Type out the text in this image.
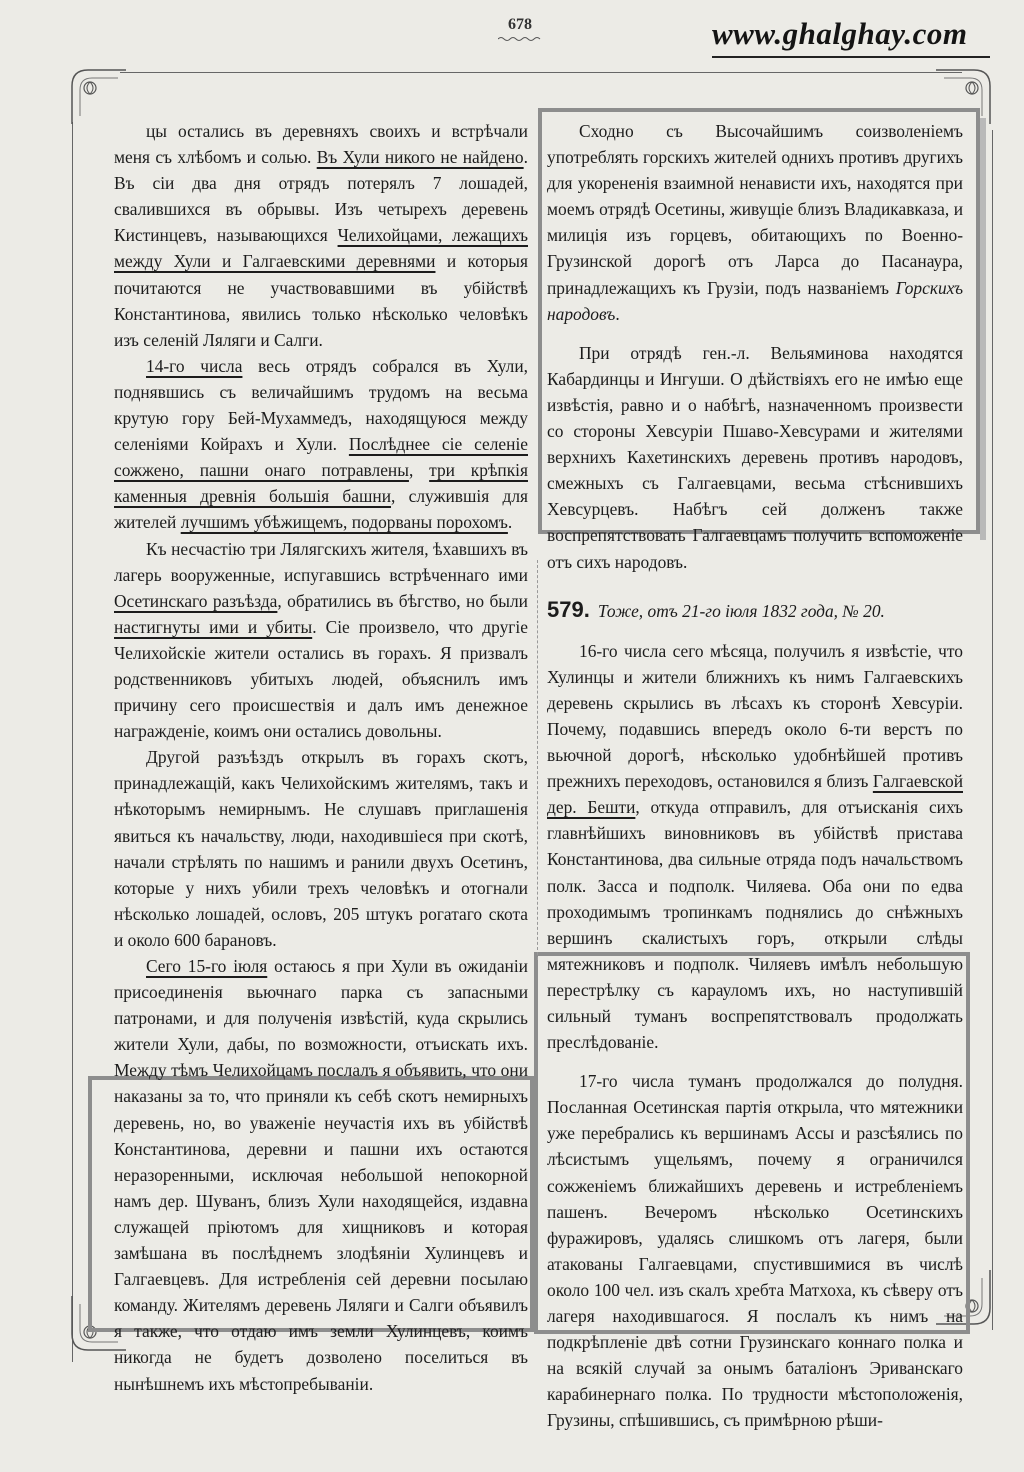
678	www.ghalghay.com

цы остались въ деревняхъ своихъ и встрѣчали меня съ хлѣбомъ и солью. Въ Хули никого не найдено. Въ сіи два дня отрядъ потерялъ 7 лошадей, свалившихся въ обрывы. Изъ четырехъ деревень Кистинцевъ, называющихся Челихойцами, лежащихъ между Хули и Галгаевскими деревнями и которыя почитаются не участвовавшими въ убійствѣ Константинова, явились только нѣсколько человѣкъ изъ селеній Ляляги и Салги.

14-го числа весь отрядъ собрался въ Хули, поднявшись съ величайшимъ трудомъ на весьма крутую гору Бей-Мухаммедъ, находящуюся между селеніями Койрахъ и Хули. Послѣднее сіе селеніе сожжено, пашни онаго потравлены, три крѣпкія каменныя древнія большія башни, служившія для жителей лучшимъ убѣжищемъ, подорваны порохомъ.

Къ несчастію три Лялягскихъ жителя, ѣхавшихъ въ лагерь вооруженные, испугавшись встрѣченнаго ими Осетинскаго разъѣзда, обратились въ бѣгство, но были настигнуты ими и убиты. Сіе произвело, что другіе Челихойскіе жители остались въ горахъ. Я призвалъ родственниковъ убитыхъ людей, объяснилъ имъ причину сего происшествія и далъ имъ денежное награжденіе, коимъ они остались довольны.

Другой разъѣздъ открылъ въ горахъ скотъ, принадлежащій, какъ Челихойскимъ жителямъ, такъ и нѣкоторымъ немирнымъ. Не слушавъ приглашенія явиться къ начальству, люди, находившіеся при скотѣ, начали стрѣлять по нашимъ и ранили двухъ Осетинъ, которые у нихъ убили трехъ человѣкъ и отогнали нѣсколько лошадей, ословъ, 205 штукъ рогатаго скота и около 600 барановъ.

Сего 15-го іюля остаюсь я при Хули въ ожиданіи присоединенія вьючнаго парка съ запасными патронами, и для полученія извѣстій, куда скрылись жители Хули, дабы, по возможности, отъискать ихъ. Между тѣмъ Челихойцамъ послалъ я объявить, что они наказаны за то, что приняли къ себѣ скотъ немирныхъ деревень, но, во уваженіе неучастія ихъ въ убійствѣ Константинова, деревни и пашни ихъ остаются неразоренными, исключая небольшой непокорной намъ дер. Шуванъ, близъ Хули находящейся, издавна служащей пріютомъ для хищниковъ и которая замѣшана въ послѣднемъ злодѣяніи Хулинцевъ и Галгаевцевъ. Для истребленія сей деревни посылаю команду. Жителямъ деревень Ляляги и Салги объявилъ я также, что отдаю имъ земли Хулинцевъ, коимъ никогда не будетъ дозволено поселиться въ нынѣшнемъ ихъ мѣстопребываніи.

Сходно съ Высочайшимъ соизволеніемъ употреблять горскихъ жителей однихъ противъ другихъ для укорененія взаимной ненависти ихъ, находятся при моемъ отрядѣ Осетины, живущіе близъ Владикавказа, и милиція изъ горцевъ, обитающихъ по Военно-Грузинской дорогѣ отъ Ларса до Пасанаура, принадлежащихъ къ Грузіи, подъ названіемъ Горскихъ народовъ.

При отрядѣ ген.-л. Вельяминова находятся Кабардинцы и Ингуши. О дѣйствіяхъ его не имѣю еще извѣстія, равно и о набѣгѣ, назначенномъ произвести со стороны Хевсуріи Пшаво-Хевсурами и жителями верхнихъ Кахетинскихъ деревень противъ народовъ, смежныхъ съ Галгаевцами, весьма стѣснившихъ Хевсурцевъ. Набѣгъ сей долженъ также воспрепятствовать Галгаевцамъ получить вспоможеніе отъ сихъ народовъ.

579. Тоже, отъ 21-го іюля 1832 года, № 20.

16-го числа сего мѣсяца, получилъ я извѣстіе, что Хулинцы и жители ближнихъ къ нимъ Галгаевскихъ деревень скрылись въ лѣсахъ къ сторонѣ Хевсуріи. Почему, подавшись впередъ около 6-ти верстъ по вьючной дорогѣ, нѣсколько удобнѣйшей противъ прежнихъ переходовъ, остановился я близъ Галгаевской дер. Бешти, откуда отправилъ, для отъисканія сихъ главнѣйшихъ виновниковъ въ убійствѣ пристава Константинова, два сильные отряда подъ начальствомъ полк. Засса и подполк. Чиляева. Оба они по едва проходимымъ тропинкамъ поднялись до снѣжныхъ вершинъ скалистыхъ горъ, открыли слѣды мятежниковъ и подполк. Чиляевъ имѣлъ небольшую перестрѣлку съ карауломъ ихъ, но наступившій сильный туманъ воспрепятствовалъ продолжать преслѣдованіе.

17-го числа туманъ продолжался до полудня. Посланная Осетинская партія открыла, что мятежники уже перебрались къ вершинамъ Ассы и разсѣялись по лѣсистымъ ущельямъ, почему я ограничился сожженіемъ ближайшихъ деревень и истребленіемъ пашенъ. Вечеромъ нѣсколько Осетинскихъ фуражировъ, удалясь слишкомъ отъ лагеря, были атакованы Галгаевцами, спустившимися въ числѣ около 100 чел. изъ скалъ хребта Матхоха, къ сѣверу отъ лагеря находившагося. Я послалъ къ нимъ на подкрѣпленіе двѣ сотни Грузинскаго коннаго полка и на всякій случай за онымъ баталіонъ Эриванскаго карабинернаго полка. По трудности мѣстоположенія, Грузины, спѣшившись, съ примѣрною рѣши-
